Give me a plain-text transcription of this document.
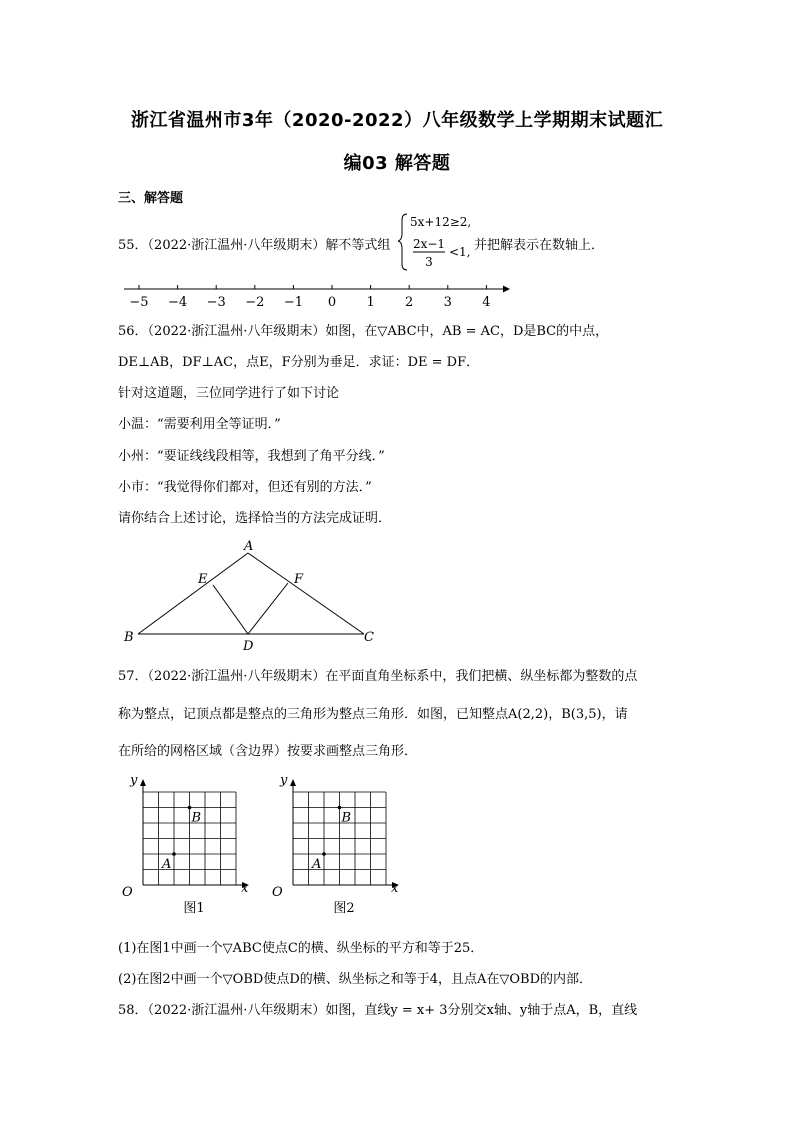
浙江省温州市3年（2020-2022）八年级数学上学期期末试题汇
编03 解答题
三、解答题
55．（2022·浙江温州·八年级期末）解不等式组
5x+12≥2,
2x−1
3
<1, 并把解表示在数轴上．
−5 −4 −3 −2 −1 0 1 2 3 4
56．（2022·浙江温州·八年级期末）如图，在▽ABC中，AB = AC，D是BC的中点，
DE⊥AB，DF⊥AC，点E，F分别为垂足．求证：DE = DF．
针对这道题，三位同学进行了如下讨论
小温：“需要利用全等证明．”
小州：“要证线线段相等，我想到了角平分线．”
小市：“我觉得你们都对，但还有别的方法．”
请你结合上述讨论，选择恰当的方法完成证明．
A
B	C
D
E	F
57．（2022·浙江温州·八年级期末）在平面直角坐标系中，我们把横、纵坐标都为整数的点
称为整点，记顶点都是整点的三角形为整点三角形．如图，已知整点A(2,2)，B(3,5)，请
在所给的网格区域（含边界）按要求画整点三角形．
y
x
O
A
B
图1
y
x
O
A
B
图2
(1)在图1中画一个▽ABC使点C的横、纵坐标的平方和等于25．
(2)在图2中画一个▽OBD使点D的横、纵坐标之和等于4，且点A在▽OBD的内部．
58．（2022·浙江温州·八年级期末）如图，直线y = x+ 3分别交x轴、y轴于点A，B，直线
